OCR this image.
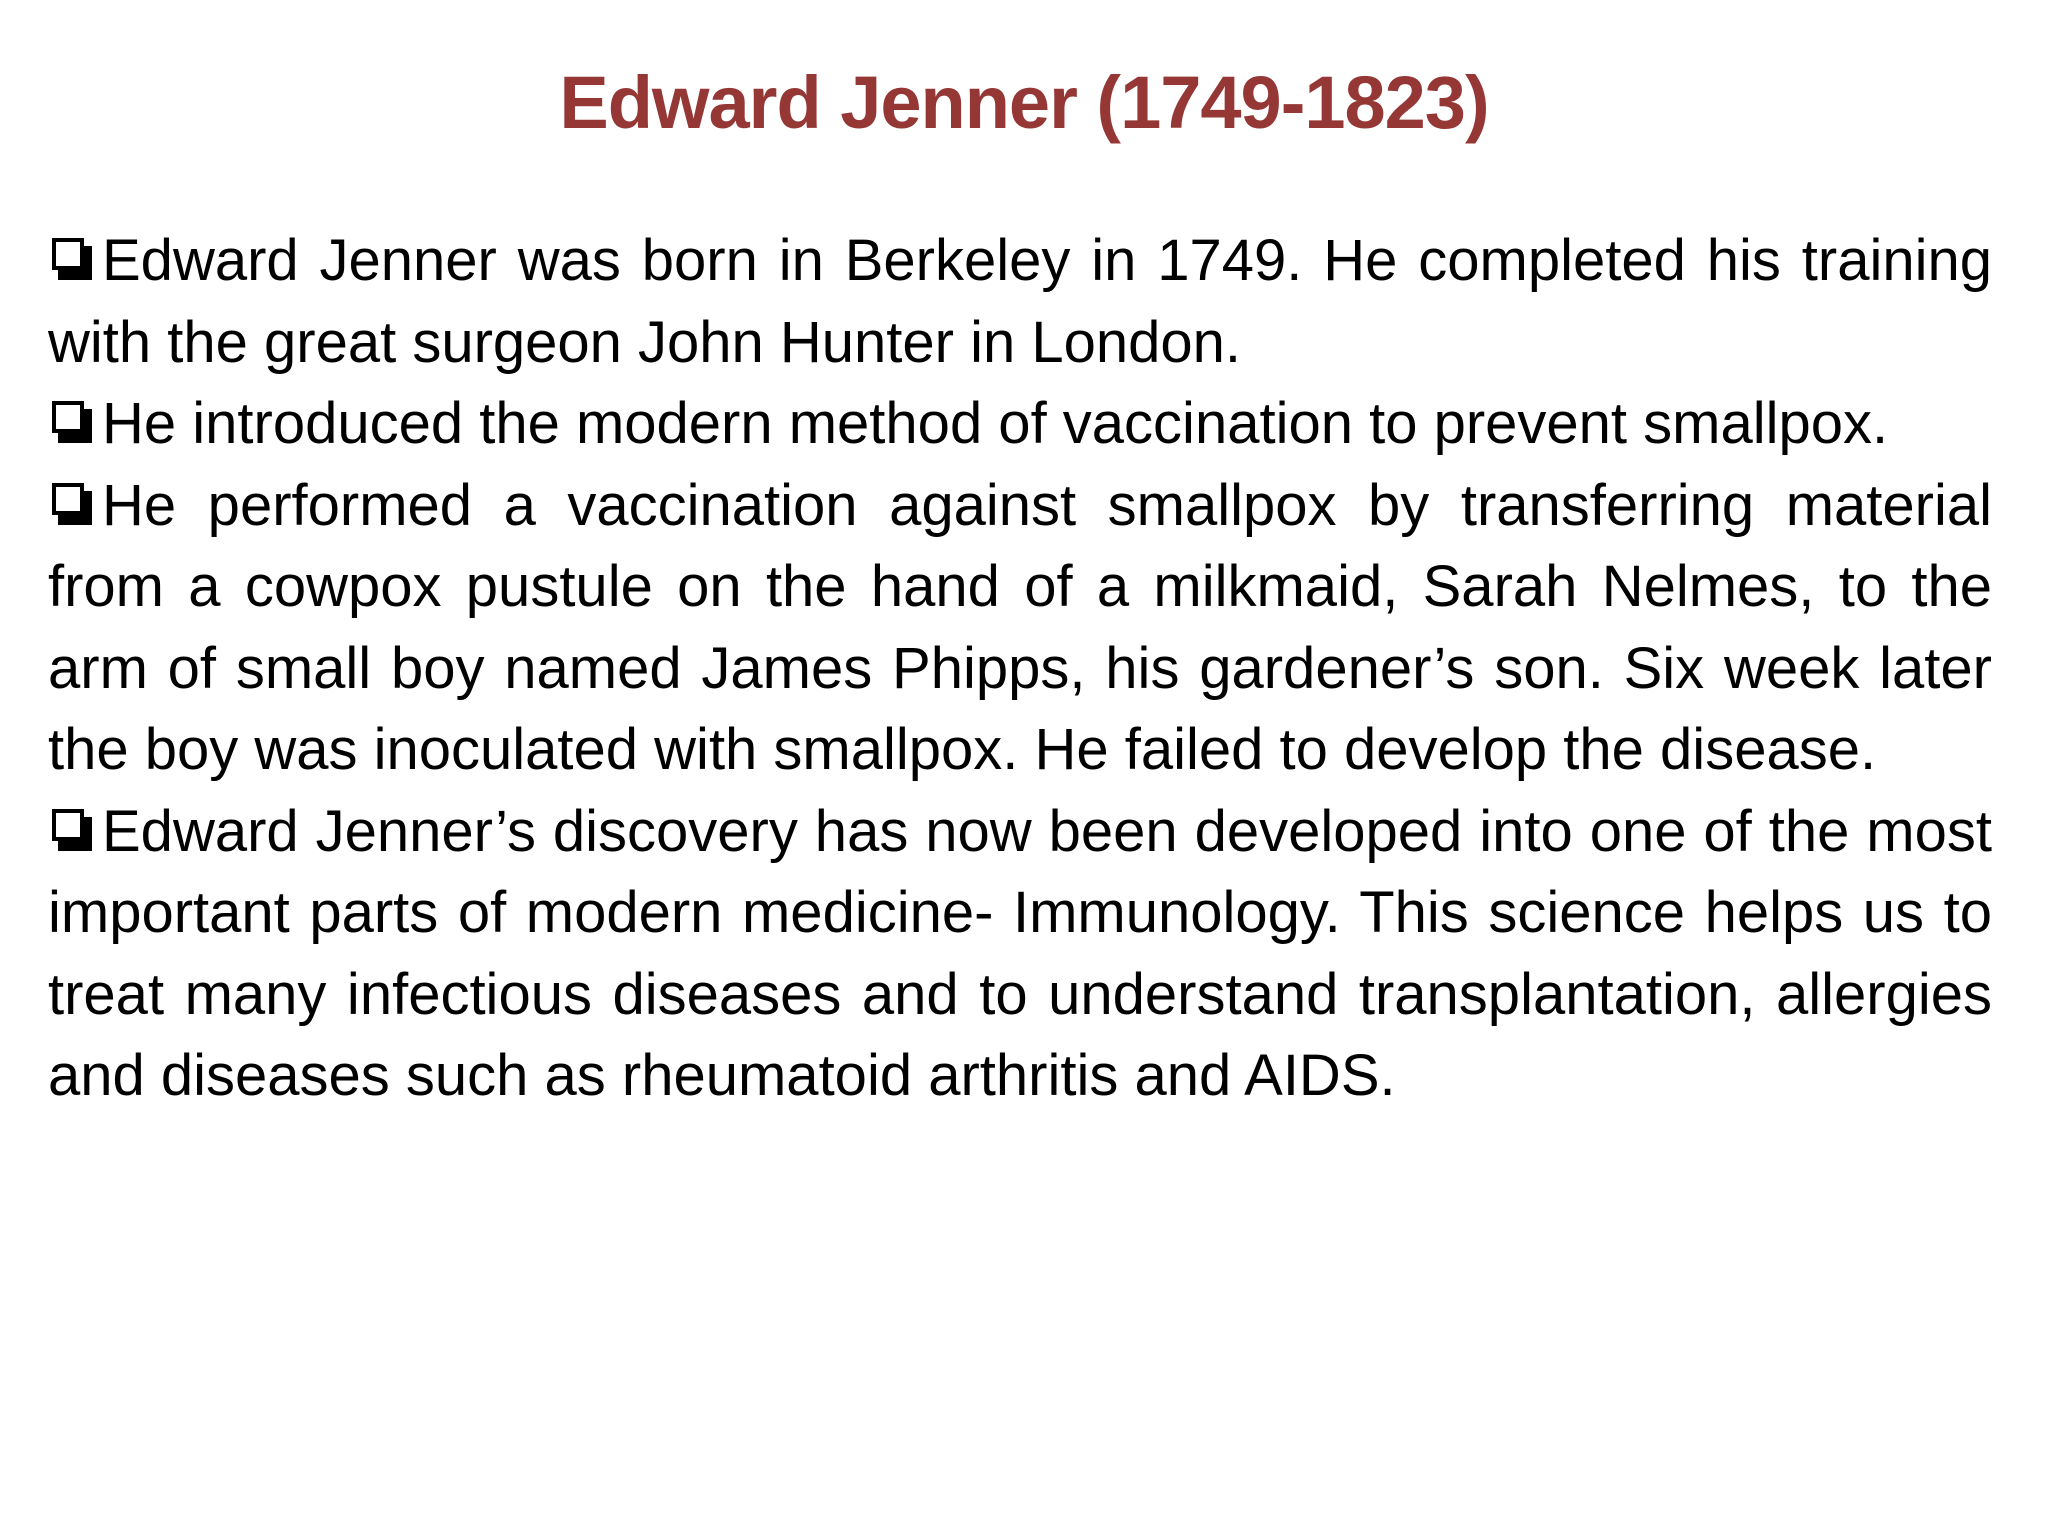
Edward Jenner (1749-1823)

Edward Jenner was born in Berkeley in 1749. He completed his training with the great surgeon John Hunter in London.

He introduced the modern method of vaccination to prevent smallpox.

He performed a vaccination against smallpox by transferring material from a cowpox pustule on the hand of a milkmaid, Sarah Nelmes, to the arm of small boy named James Phipps, his gardener’s son. Six week later the boy was inoculated with smallpox. He failed to develop the disease.

Edward Jenner’s discovery has now been developed into one of the most important parts of modern medicine- Immunology. This science helps us to treat many infectious diseases and to understand transplantation, allergies and diseases such as rheumatoid arthritis and AIDS.
